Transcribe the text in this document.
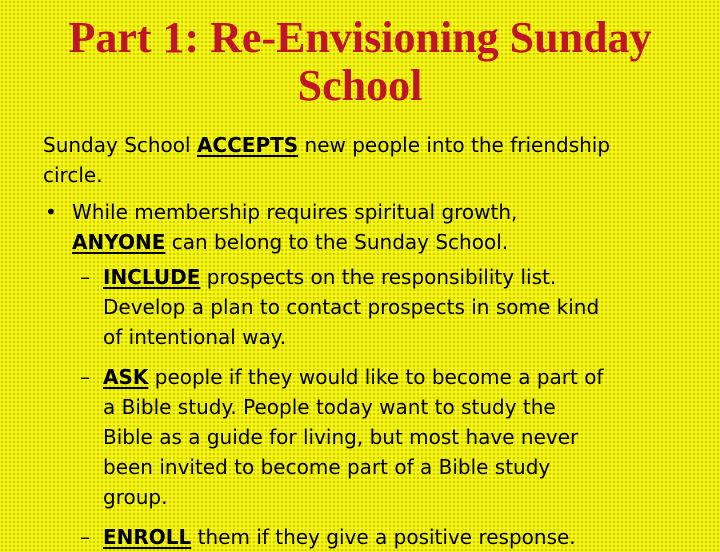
Part 1: Re-Envisioning Sunday
School
Sunday School ACCEPTS new people into the friendship
circle.
• While membership requires spiritual growth,
ANYONE can belong to the Sunday School.
– INCLUDE prospects on the responsibility list.
Develop a plan to contact prospects in some kind
of intentional way.
– ASK people if they would like to become a part of
a Bible study. People today want to study the
Bible as a guide for living, but most have never
been invited to become part of a Bible study
group.
– ENROLL them if they give a positive response.
